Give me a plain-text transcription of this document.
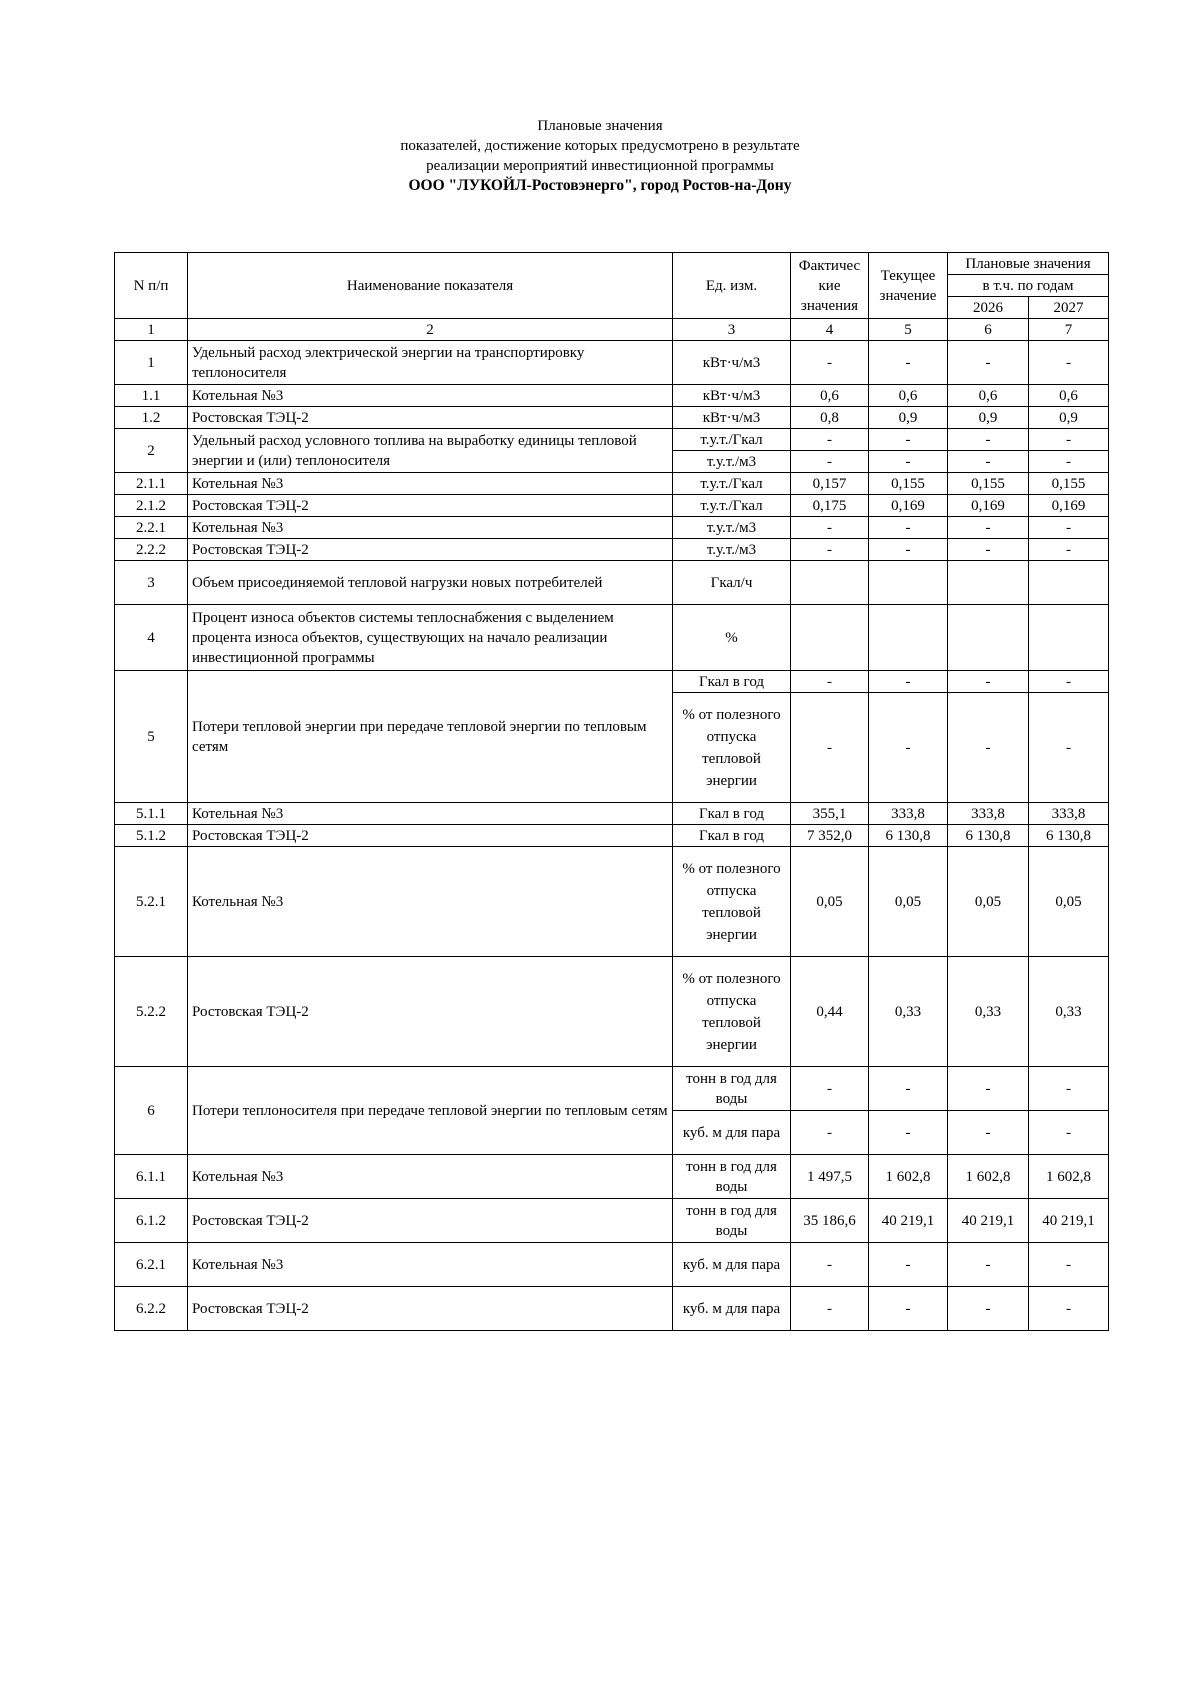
Плановые значения
показателей, достижение которых предусмотрено в результате
реализации мероприятий инвестиционной программы
ООО "ЛУКОЙЛ-Ростовэнерго", город Ростов-на-Дону
N п/п	Наименование показателя	Ед. изм.	Фактичес кие значения	Текущее значение	Плановые значения	
					в т.ч. по годам	
					2026	2027
1	2	3	4	5	6	7
1	Удельный расход электрической энергии на транспортировку теплоносителя	кВт·ч/м3	-	-	-	-
1.1	Котельная №3	кВт·ч/м3	0,6	0,6	0,6	0,6
1.2	Ростовская ТЭЦ-2	кВт·ч/м3	0,8	0,9	0,9	0,9
2	Удельный расход условного топлива на выработку единицы тепловой энергии и (или) теплоносителя	т.у.т./Гкал	-	-	-	-
		т.у.т./м3	-	-	-	-
2.1.1	Котельная №3	т.у.т./Гкал	0,157	0,155	0,155	0,155
2.1.2	Ростовская ТЭЦ-2	т.у.т./Гкал	0,175	0,169	0,169	0,169
2.2.1	Котельная №3	т.у.т./м3	-	-	-	-
2.2.2	Ростовская ТЭЦ-2	т.у.т./м3	-	-	-	-
3	Объем присоединяемой тепловой нагрузки новых потребителей	Гкал/ч				
4	Процент износа объектов системы теплоснабжения с выделением процента износа объектов, существующих на начало реализации инвестиционной программы	%				
5	Потери тепловой энергии при передаче тепловой энергии по тепловым сетям	Гкал в год	-	-	-	-
		% от полезного отпуска тепловой энергии	-	-	-	-
5.1.1	Котельная №3	Гкал в год	355,1	333,8	333,8	333,8
5.1.2	Ростовская ТЭЦ-2	Гкал в год	7 352,0	6 130,8	6 130,8	6 130,8
5.2.1	Котельная №3	% от полезного отпуска тепловой энергии	0,05	0,05	0,05	0,05
5.2.2	Ростовская ТЭЦ-2	% от полезного отпуска тепловой энергии	0,44	0,33	0,33	0,33
6	Потери теплоносителя при передаче тепловой энергии по тепловым сетям	тонн в год для воды	-	-	-	-
		куб. м для пара	-	-	-	-
6.1.1	Котельная №3	тонн в год для воды	1 497,5	1 602,8	1 602,8	1 602,8
6.1.2	Ростовская ТЭЦ-2	тонн в год для воды	35 186,6	40 219,1	40 219,1	40 219,1
6.2.1	Котельная №3	куб. м для пара	-	-	-	-
6.2.2	Ростовская ТЭЦ-2	куб. м для пара	-	-	-	-
